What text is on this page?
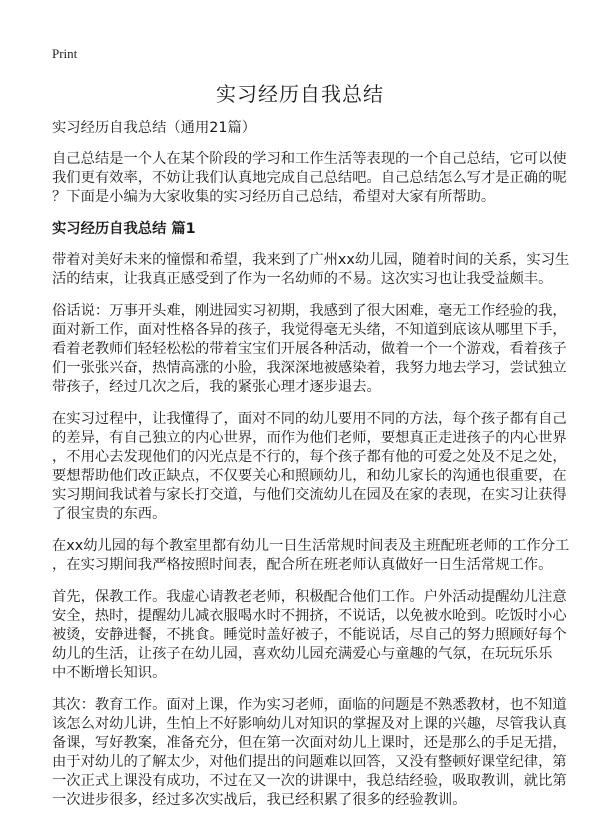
Print
实习经历自我总结
实习经历自我总结（通用21篇）
自己总结是一个人在某个阶段的学习和工作生活等表现的一个自己总结，它可以使
我们更有效率，不妨让我们认真地完成自己总结吧。自己总结怎么写才是正确的呢
？下面是小编为大家收集的实习经历自己总结，希望对大家有所帮助。
实习经历自我总结 篇1
带着对美好未来的憧憬和希望，我来到了广州xx幼儿园，随着时间的关系，实习生
活的结束，让我真正感受到了作为一名幼师的不易。这次实习也让我受益颇丰。
俗话说：万事开头难，刚进园实习初期，我感到了很大困难，毫无工作经验的我，
面对新工作，面对性格各异的孩子，我觉得毫无头绪，不知道到底该从哪里下手，
看着老教师们轻轻松松的带着宝宝们开展各种活动，做着一个一个游戏，看着孩子
们一张张兴奋，热情高涨的小脸，我深深地被感染着，我努力地去学习，尝试独立
带孩子，经过几次之后，我的紧张心理才逐步退去。
在实习过程中，让我懂得了，面对不同的幼儿要用不同的方法，每个孩子都有自己
的差异，有自己独立的内心世界，而作为他们老师，要想真正走进孩子的内心世界
，不用心去发现他们的闪光点是不行的，每个孩子都有他的可爱之处及不足之处，
要想帮助他们改正缺点，不仅要关心和照顾幼儿，和幼儿家长的沟通也很重要，在
实习期间我试着与家长打交道，与他们交流幼儿在园及在家的表现，在实习让获得
了很宝贵的东西。
在xx幼儿园的每个教室里都有幼儿一日生活常规时间表及主班配班老师的工作分工
，在实习期间我严格按照时间表，配合所在班老师认真做好一日生活常规工作。
首先，保教工作。我虚心请教老老师，积极配合他们工作。户外活动提醒幼儿注意
安全，热时，提醒幼儿减衣服喝水时不拥挤，不说话，以免被水呛到。吃饭时小心
被烫，安静进餐，不挑食。睡觉时盖好被子，不能说话，尽自己的努力照顾好每个
幼儿的生活，让孩子在幼儿园，喜欢幼儿园充满爱心与童趣的气氛，在玩玩乐乐
中不断增长知识。
其次：教育工作。面对上课，作为实习老师，面临的问题是不熟悉教材，也不知道
该怎么对幼儿讲，生怕上不好影响幼儿对知识的掌握及对上课的兴趣，尽管我认真
备课，写好教案，准备充分，但在第一次面对幼儿上课时，还是那么的手足无措，
由于对幼儿的了解太少，对他们提出的问题难以回答，又没有整顿好课堂纪律，第
一次正式上课没有成功，不过在又一次的讲课中，我总结经验，吸取教训，就比第
一次进步很多，经过多次实战后，我已经积累了很多的经验教训。
